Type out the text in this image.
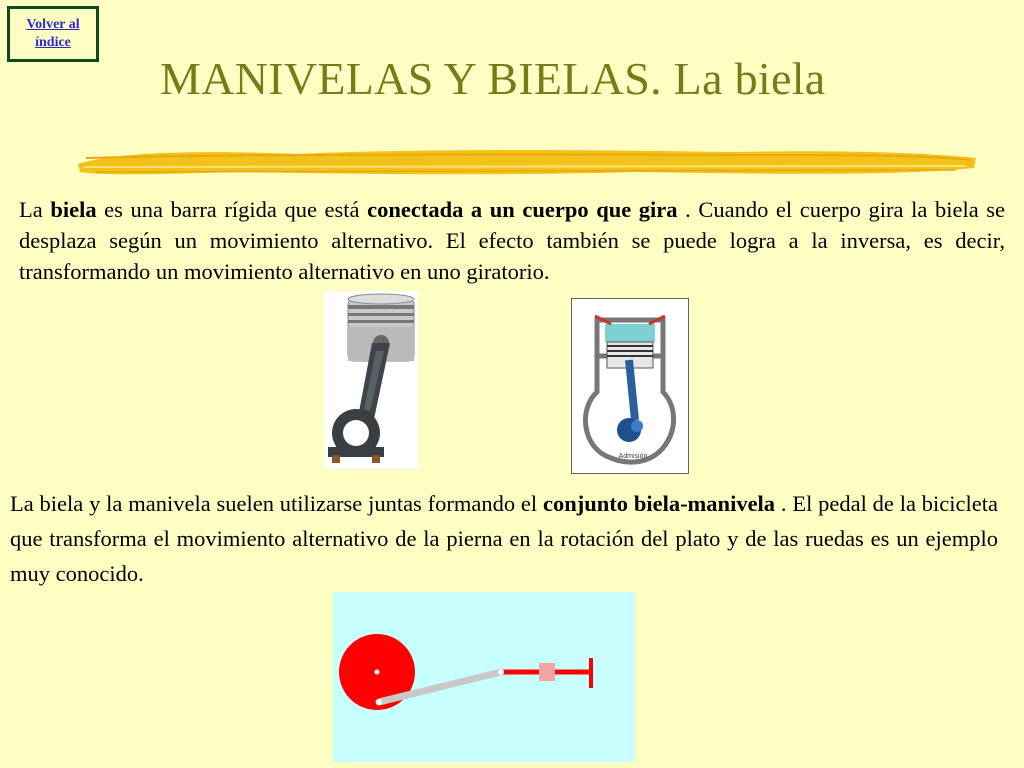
Volver al
índice
MANIVELAS Y BIELAS. La biela

La biela es una barra rígida que está conectada a un cuerpo que gira . Cuando el cuerpo gira la biela se desplaza según un movimiento alternativo. El efecto también se puede logra a la inversa, es decir, transformando un movimiento alternativo en uno giratorio.

Admisión

La biela y la manivela suelen utilizarse juntas formando el conjunto biela-manivela . El pedal de la bicicleta que transforma el movimiento alternativo de la pierna en la rotación del plato y de las ruedas es un ejemplo muy conocido.
